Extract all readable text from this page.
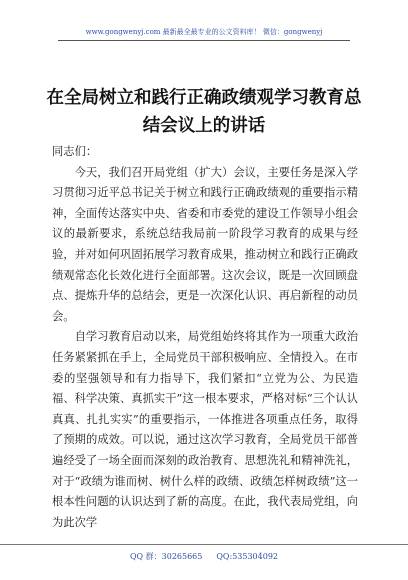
www.gongwenyj.com 最新最全最专业的公文资料库！ 微信：gongwenyj
在全局树立和践行正确政绩观学习教育总结会议上的讲话

同志们：

今天，我们召开局党组（扩大）会议，主要任务是深入学习贯彻习近平总书记关于树立和践行正确政绩观的重要指示精神，全面传达落实中央、省委和市委党的建设工作领导小组会议的最新要求，系统总结我局前一阶段学习教育的成果与经验，并对如何巩固拓展学习教育成果，推动树立和践行正确政绩观常态化长效化进行全面部署。这次会议，既是一次回顾盘点、提炼升华的总结会，更是一次深化认识、再启新程的动员会。

自学习教育启动以来，局党组始终将其作为一项重大政治任务紧紧抓在手上，全局党员干部积极响应、全情投入。在市委的坚强领导和有力指导下，我们紧扣“立党为公、为民造福、科学决策、真抓实干”这一根本要求，严格对标“三个认认真真、扎扎实实”的重要指示，一体推进各项重点任务，取得了预期的成效。可以说，通过这次学习教育，全局党员干部普遍经受了一场全面而深刻的政治教育、思想洗礼和精神洗礼，对于“政绩为谁而树、树什么样的政绩、政绩怎样树政绩”这一根本性问题的认识达到了新的高度。在此，我代表局党组，向为此次学

QQ 群：30265665 QQ:535304092
